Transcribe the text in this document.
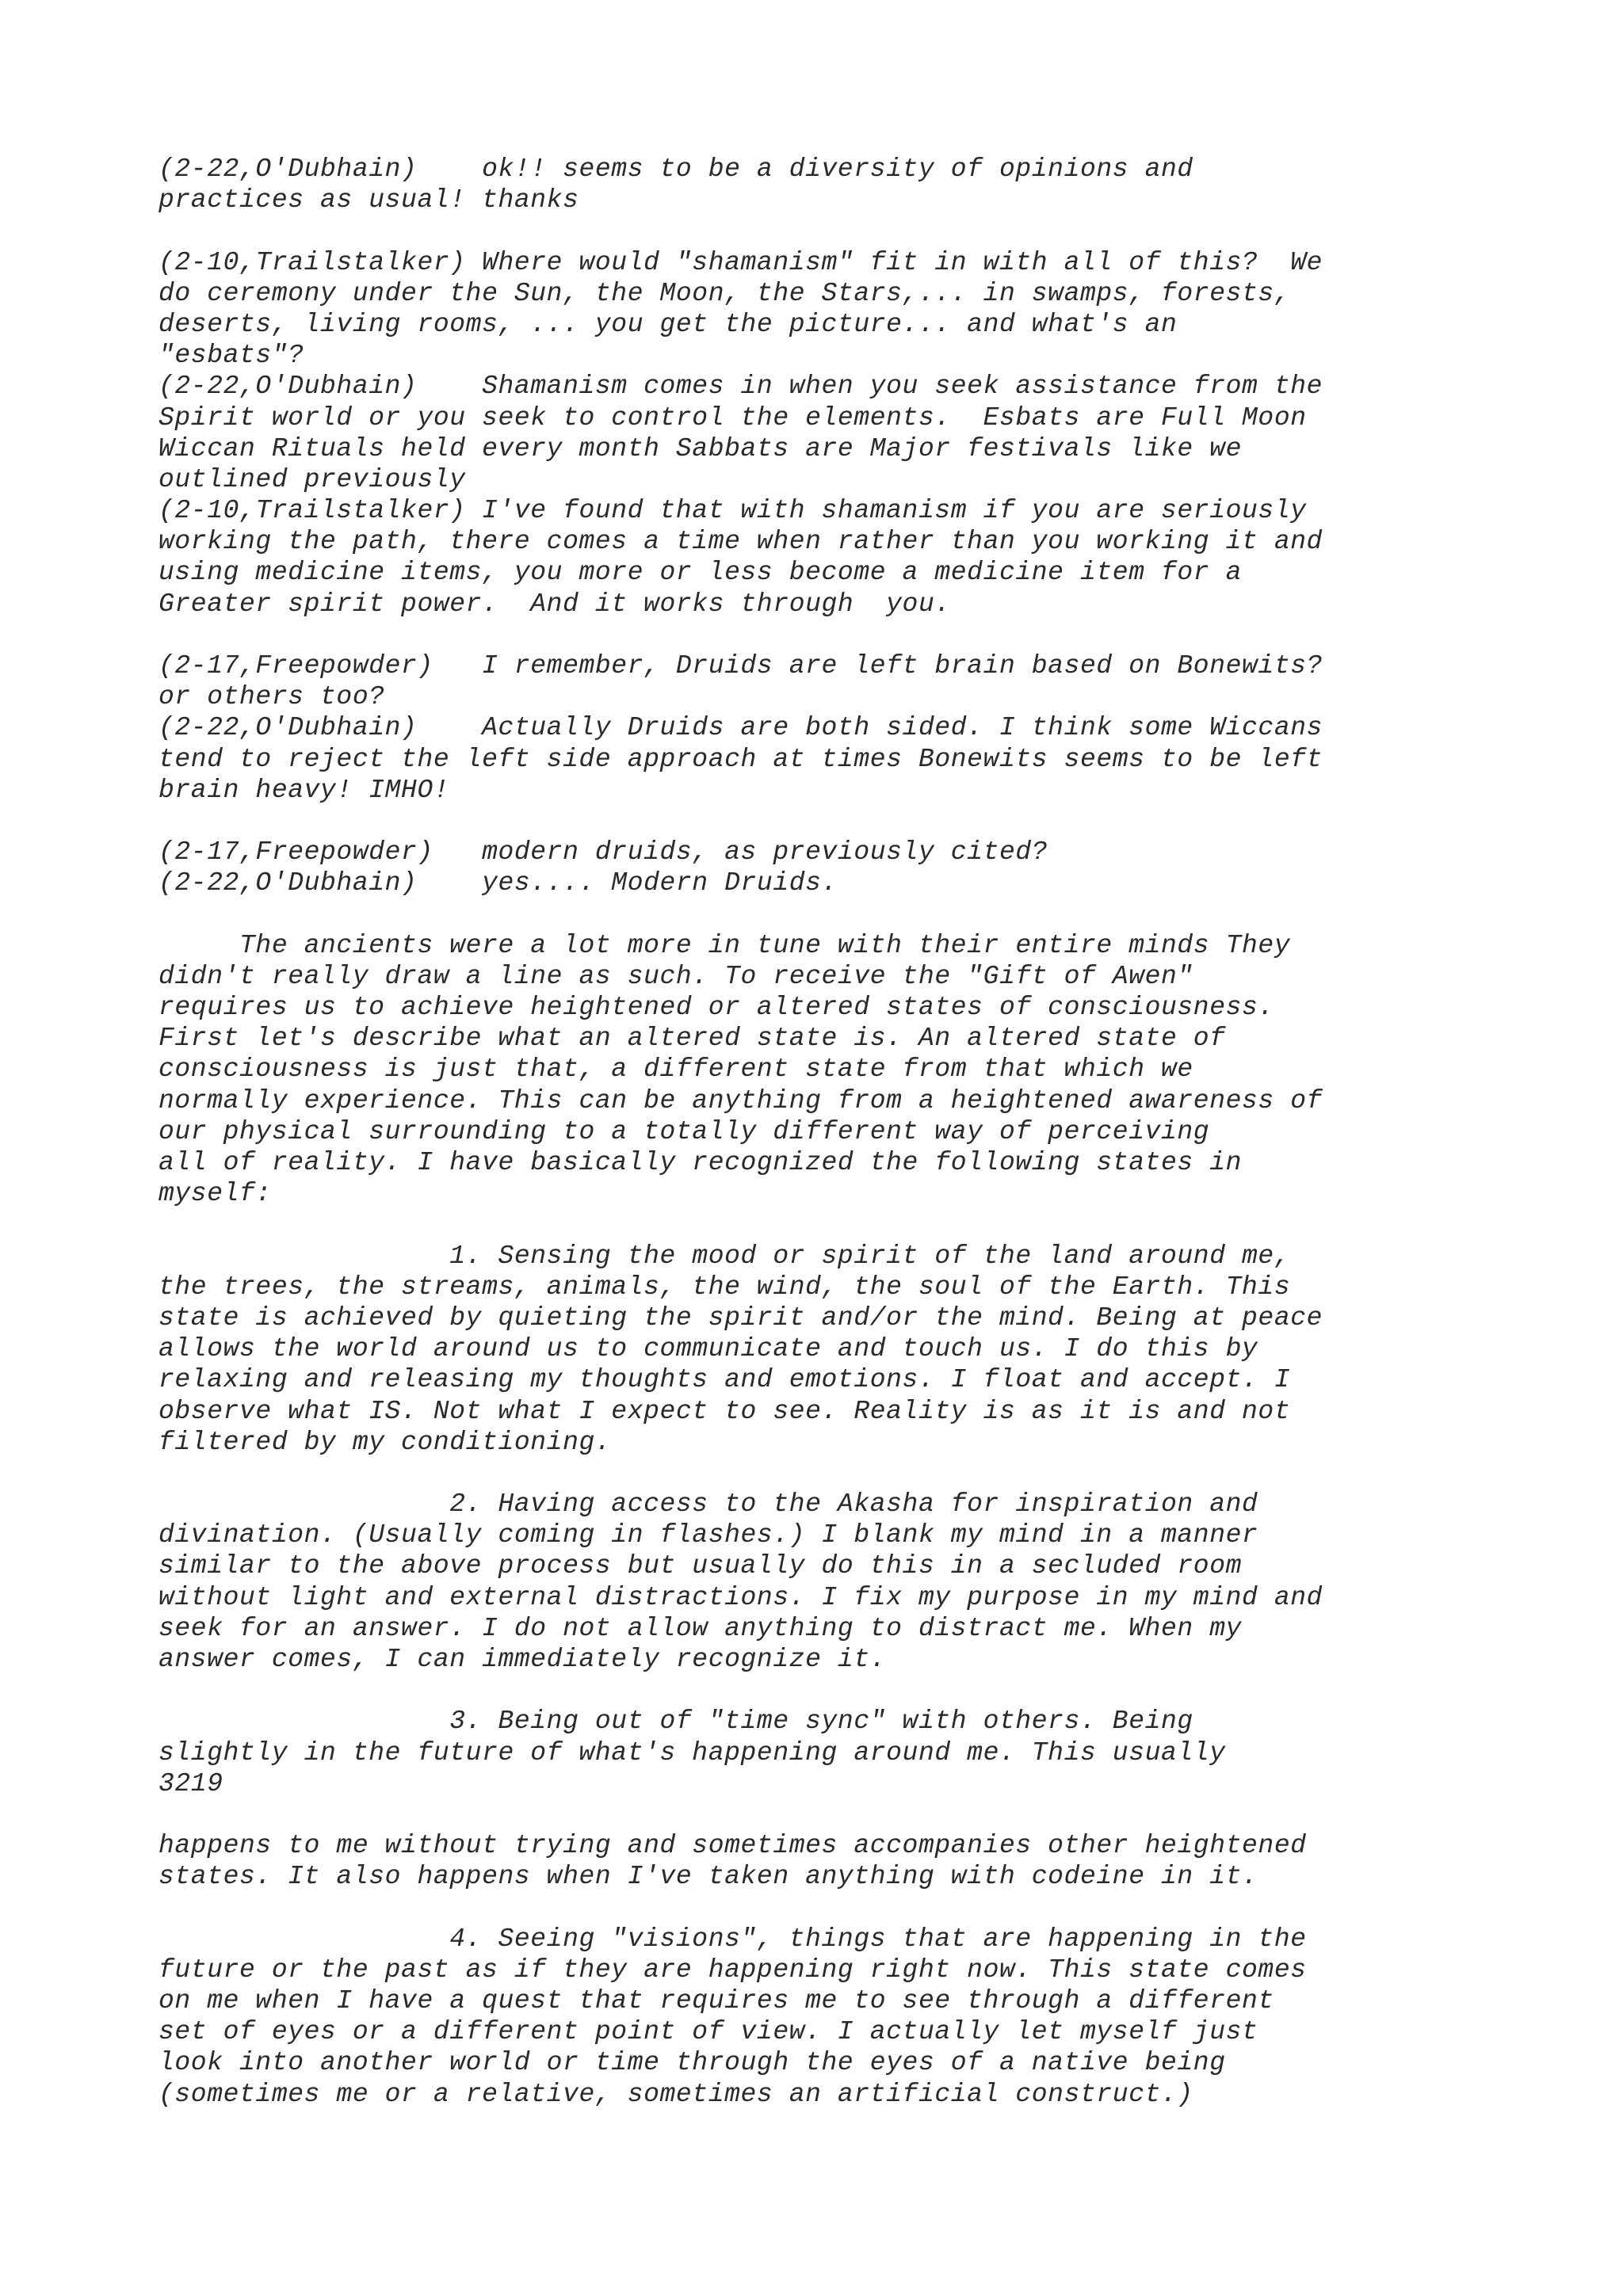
(2-22,O'Dubhain)    ok!! seems to be a diversity of opinions and
practices as usual! thanks
(2-10,Trailstalker) Where would "shamanism" fit in with all of this?  We
do ceremony under the Sun, the Moon, the Stars,... in swamps, forests,
deserts, living rooms, ... you get the picture... and what's an
"esbats"?
(2-22,O'Dubhain)    Shamanism comes in when you seek assistance from the
Spirit world or you seek to control the elements.  Esbats are Full Moon
Wiccan Rituals held every month Sabbats are Major festivals like we
outlined previously
(2-10,Trailstalker) I've found that with shamanism if you are seriously
working the path, there comes a time when rather than you working it and
using medicine items, you more or less become a medicine item for a
Greater spirit power.  And it works through  you.
(2-17,Freepowder)   I remember, Druids are left brain based on Bonewits?
or others too?
(2-22,O'Dubhain)    Actually Druids are both sided. I think some Wiccans
tend to reject the left side approach at times Bonewits seems to be left
brain heavy! IMHO!
(2-17,Freepowder)   modern druids, as previously cited?
(2-22,O'Dubhain)    yes.... Modern Druids.
The ancients were a lot more in tune with their entire minds They
didn't really draw a line as such. To receive the "Gift of Awen"
requires us to achieve heightened or altered states of consciousness.
First let's describe what an altered state is. An altered state of
consciousness is just that, a different state from that which we
normally experience. This can be anything from a heightened awareness of
our physical surrounding to a totally different way of perceiving
all of reality. I have basically recognized the following states in
myself:
1. Sensing the mood or spirit of the land around me,
the trees, the streams, animals, the wind, the soul of the Earth. This
state is achieved by quieting the spirit and/or the mind. Being at peace
allows the world around us to communicate and touch us. I do this by
relaxing and releasing my thoughts and emotions. I float and accept. I
observe what IS. Not what I expect to see. Reality is as it is and not
filtered by my conditioning.
2. Having access to the Akasha for inspiration and
divination. (Usually coming in flashes.) I blank my mind in a manner
similar to the above process but usually do this in a secluded room
without light and external distractions. I fix my purpose in my mind and
seek for an answer. I do not allow anything to distract me. When my
answer comes, I can immediately recognize it.
3. Being out of "time sync" with others. Being
slightly in the future of what's happening around me. This usually
3219
happens to me without trying and sometimes accompanies other heightened
states. It also happens when I've taken anything with codeine in it.
4. Seeing "visions", things that are happening in the
future or the past as if they are happening right now. This state comes
on me when I have a quest that requires me to see through a different
set of eyes or a different point of view. I actually let myself just
look into another world or time through the eyes of a native being
(sometimes me or a relative, sometimes an artificial construct.)
